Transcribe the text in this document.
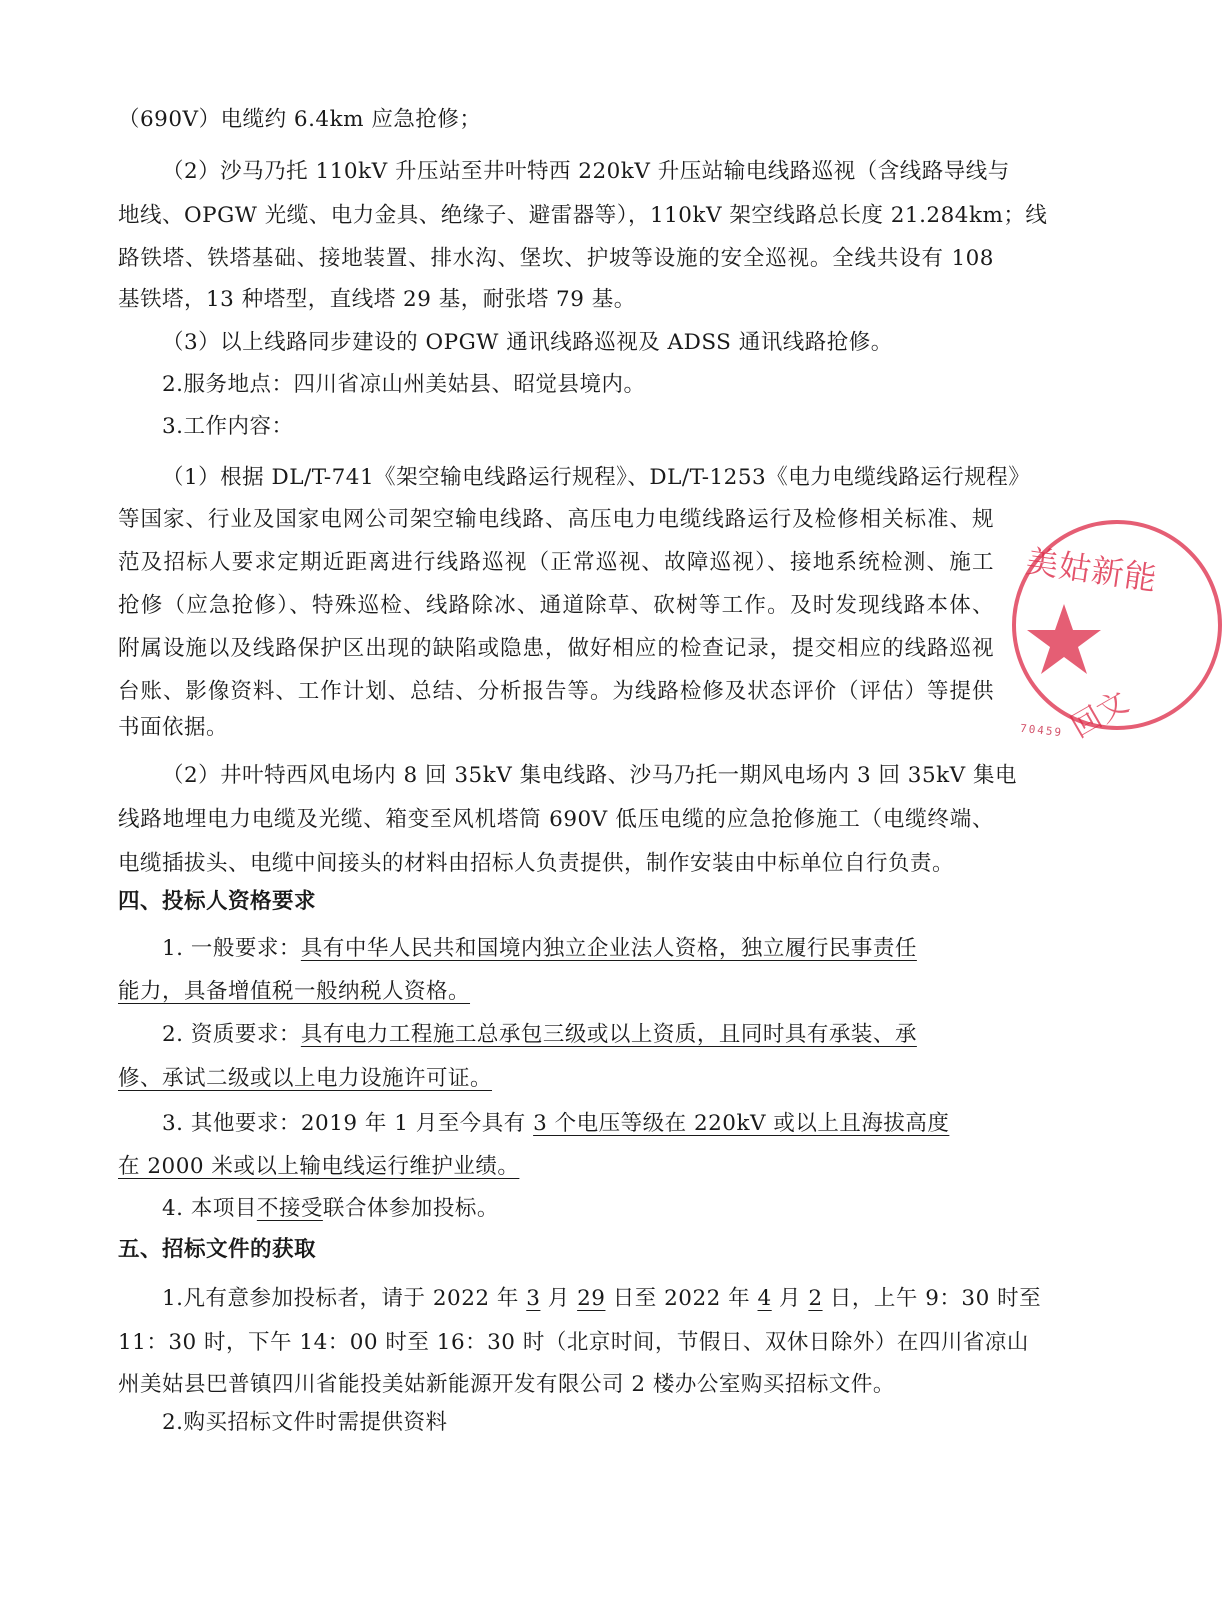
（690V）电缆约 6.4km 应急抢修；
（2）沙马乃托 110kV 升压站至井叶特西 220kV 升压站输电线路巡视（含线路导线与
地线、OPGW 光缆、电力金具、绝缘子、避雷器等），110kV 架空线路总长度 21.284km；线
路铁塔、铁塔基础、接地装置、排水沟、堡坎、护坡等设施的安全巡视。全线共设有 108
基铁塔，13 种塔型，直线塔 29 基，耐张塔 79 基。
（3）以上线路同步建设的 OPGW 通讯线路巡视及 ADSS 通讯线路抢修。
2.服务地点：四川省凉山州美姑县、昭觉县境内。
3.工作内容：
（1）根据 DL/T-741《架空输电线路运行规程》、DL/T-1253《电力电缆线路运行规程》
等国家、行业及国家电网公司架空输电线路、高压电力电缆线路运行及检修相关标准、规
范及招标人要求定期近距离进行线路巡视（正常巡视、故障巡视）、接地系统检测、施工
抢修（应急抢修）、特殊巡检、线路除冰、通道除草、砍树等工作。及时发现线路本体、
附属设施以及线路保护区出现的缺陷或隐患，做好相应的检查记录，提交相应的线路巡视
台账、影像资料、工作计划、总结、分析报告等。为线路检修及状态评价（评估）等提供
书面依据。
（2）井叶特西风电场内 8 回 35kV 集电线路、沙马乃托一期风电场内 3 回 35kV 集电
线路地埋电力电缆及光缆、箱变至风机塔筒 690V 低压电缆的应急抢修施工（电缆终端、
电缆插拔头、电缆中间接头的材料由招标人负责提供，制作安装由中标单位自行负责。
四、投标人资格要求
1. 一般要求：具有中华人民共和国境内独立企业法人资格，独立履行民事责任
能力，具备增值税一般纳税人资格。
2. 资质要求：具有电力工程施工总承包三级或以上资质，且同时具有承装、承
修、承试二级或以上电力设施许可证。
3. 其他要求：2019 年 1 月至今具有 3 个电压等级在 220kV 或以上且海拔高度
在 2000 米或以上输电线运行维护业绩。
4. 本项目不接受联合体参加投标。
五、招标文件的获取
1.凡有意参加投标者，请于 2022 年 3 月 29 日至 2022 年 4 月 2 日，上午 9：30 时至
11：30 时，下午 14：00 时至 16：30 时（北京时间，节假日、双休日除外）在四川省凉山
州美姑县巴普镇四川省能投美姑新能源开发有限公司 2 楼办公室购买招标文件。
2.购买招标文件时需提供资料
美姑新能
回文
70459
